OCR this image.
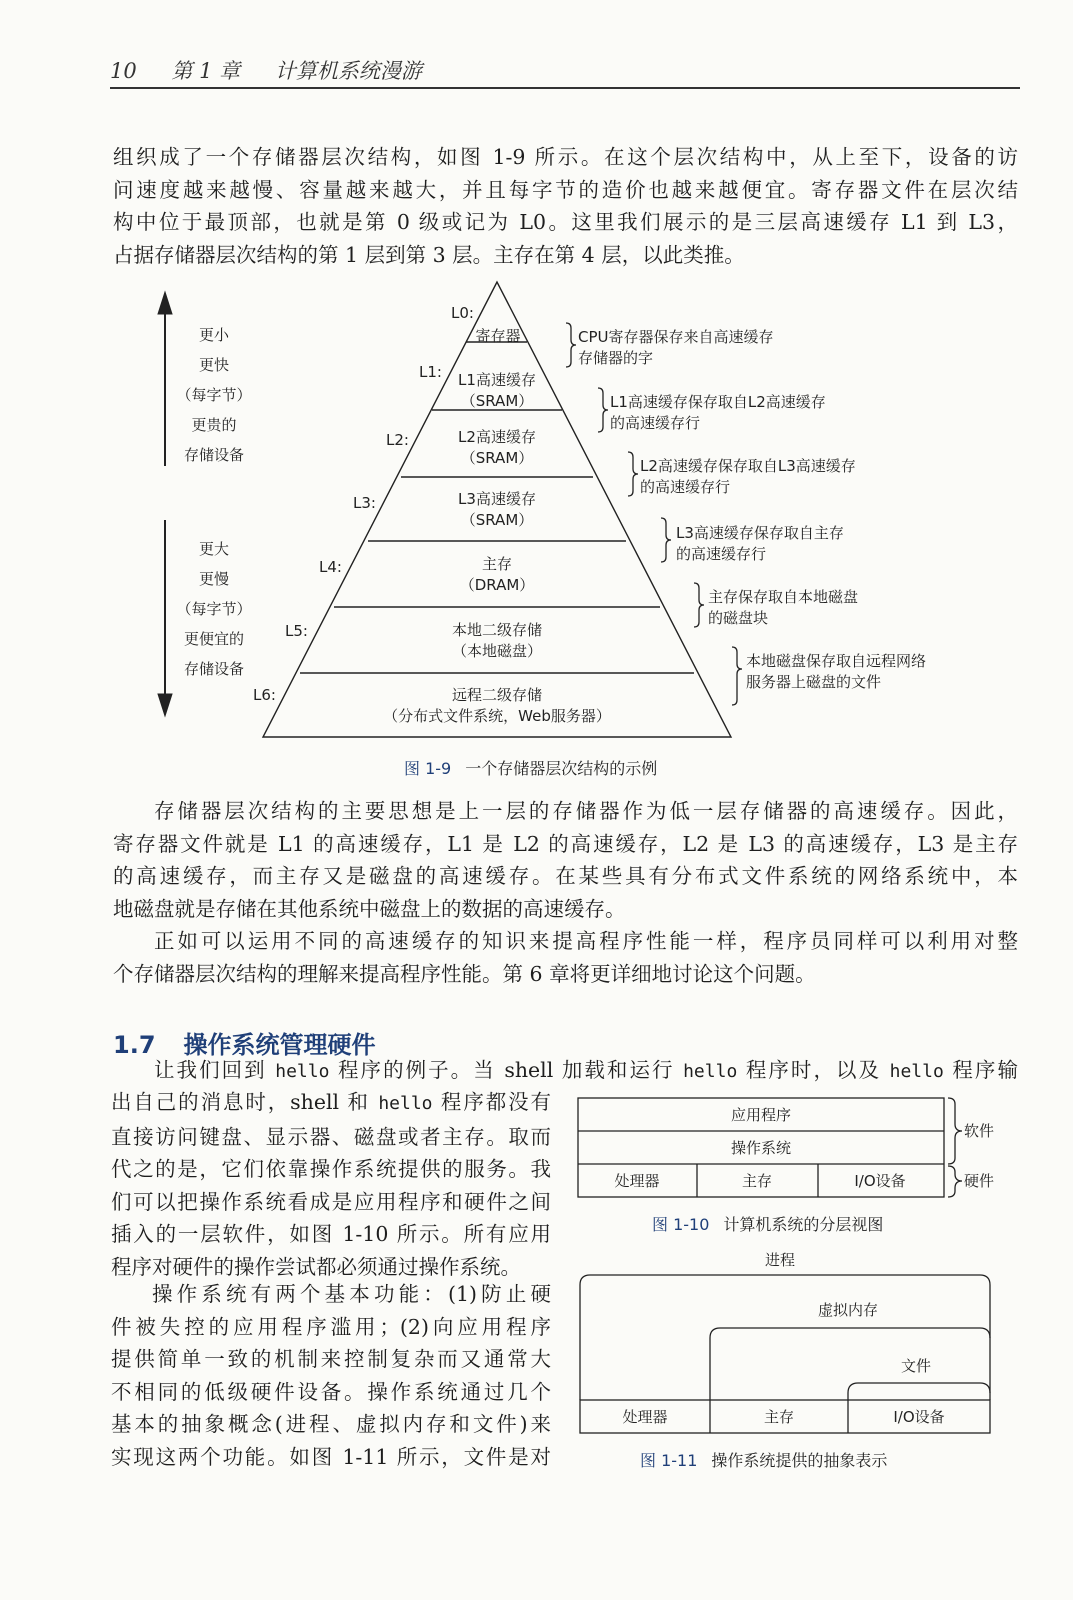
10 第 1 章 计算机系统漫游

组织成了一个存储器层次结构，如图 1-9 所示。在这个层次结构中，从上至下，设备的访
问速度越来越慢、容量越来越大，并且每字节的造价也越来越便宜。寄存器文件在层次结
构中位于最顶部，也就是第 0 级或记为 L0。这里我们展示的是三层高速缓存 L1 到 L3，
占据存储器层次结构的第 1 层到第 3 层。主存在第 4 层，以此类推。

更小
更快
（每字节）
更贵的
存储设备
更大
更慢
（每字节）
更便宜的
存储设备
L0:
L1:
L2:
L3:
L4:
L5:
L6:
寄存器
L1高速缓存
（SRAM）
L2高速缓存
（SRAM）
L3高速缓存
（SRAM）
主存
（DRAM）
本地二级存储
（本地磁盘）
远程二级存储
（分布式文件系统，Web服务器）
CPU寄存器保存来自高速缓存
存储器的字
L1高速缓存保存取自L2高速缓存
的高速缓存行
L2高速缓存保存取自L3高速缓存
的高速缓存行
L3高速缓存保存取自主存
的高速缓存行
主存保存取自本地磁盘
的磁盘块
本地磁盘保存取自远程网络
服务器上磁盘的文件
图 1-9 一个存储器层次结构的示例

存储器层次结构的主要思想是上一层的存储器作为低一层存储器的高速缓存。因此，
寄存器文件就是 L1 的高速缓存，L1 是 L2 的高速缓存，L2 是 L3 的高速缓存，L3 是主存
的高速缓存，而主存又是磁盘的高速缓存。在某些具有分布式文件系统的网络系统中，本
地磁盘就是存储在其他系统中磁盘上的数据的高速缓存。

正如可以运用不同的高速缓存的知识来提高程序性能一样，程序员同样可以利用对整
个存储器层次结构的理解来提高程序性能。第 6 章将更详细地讨论这个问题。

1.7 操作系统管理硬件

让我们回到 hello 程序的例子。当 shell 加载和运行 hello 程序时，以及 hello 程序输

出自己的消息时，shell 和 hello 程序都没有
直接访问键盘、显示器、磁盘或者主存。取而
代之的是，它们依靠操作系统提供的服务。我
们可以把操作系统看成是应用程序和硬件之间
插入的一层软件，如图 1-10 所示。所有应用
程序对硬件的操作尝试都必须通过操作系统。

操作系统有两个基本功能：(1)防止硬
件被失控的应用程序滥用；(2)向应用程序
提供简单一致的机制来控制复杂而又通常大
不相同的低级硬件设备。操作系统通过几个
基本的抽象概念(进程、虚拟内存和文件)来
实现这两个功能。如图 1-11 所示，文件是对

应用程序
操作系统
处理器	主存	I/O设备
软件
硬件
图 1-10 计算机系统的分层视图
进程
虚拟内存
文件
处理器	主存	I/O设备
图 1-11 操作系统提供的抽象表示
